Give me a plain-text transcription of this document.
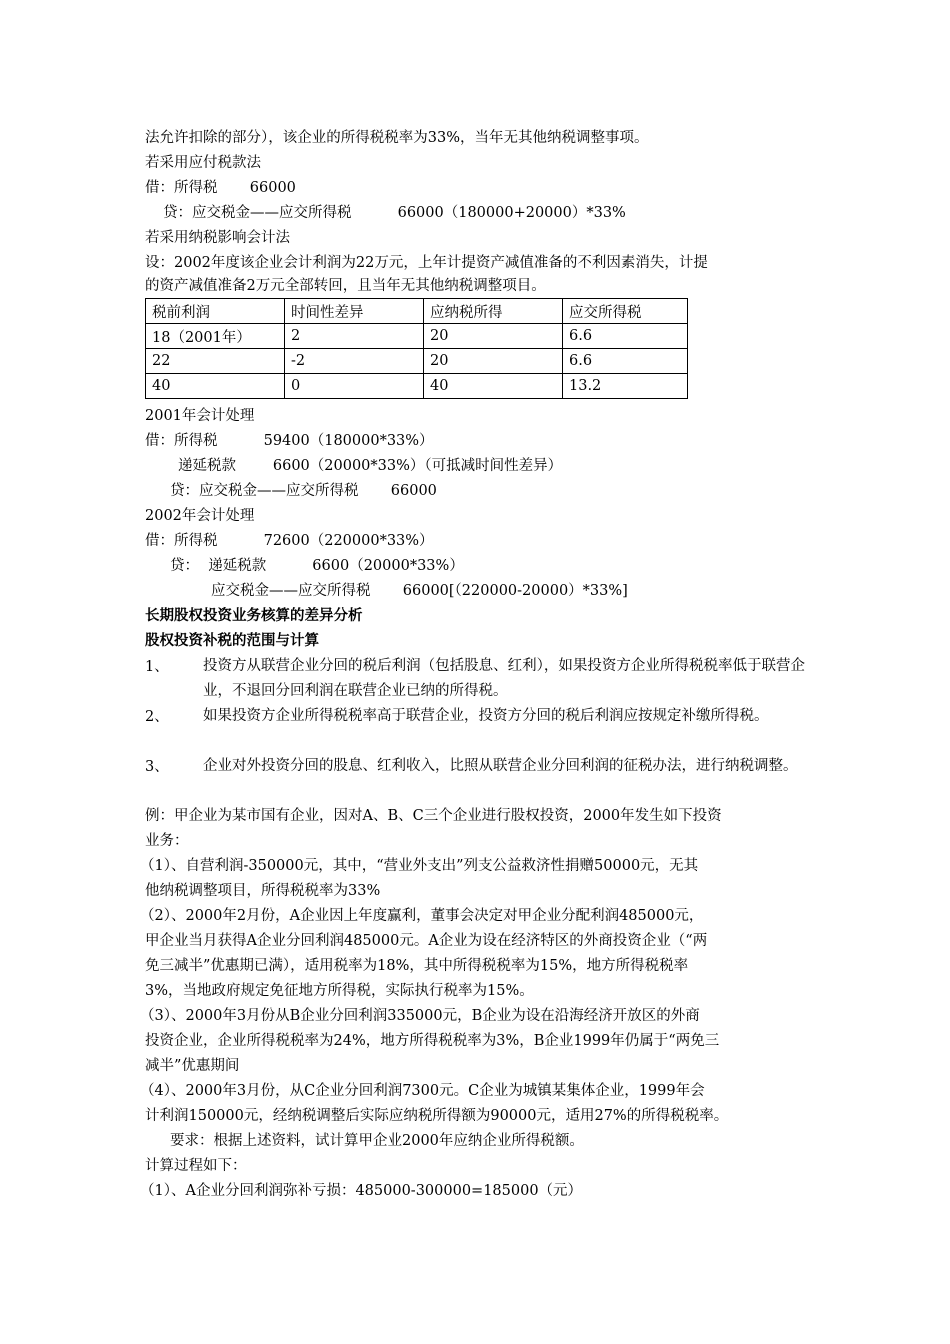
法允许扣除的部分），该企业的所得税税率为33%，当年无其他纳税调整事项。
若采用应付税款法
借：所得税       66000
贷：应交税金——应交所得税          66000（180000+20000）*33%
若采用纳税影响会计法
设：2002年度该企业会计利润为22万元，上年计提资产减值准备的不利因素消失，计提
的资产减值准备2万元全部转回，且当年无其他纳税调整项目。
税前利润	时间性差异	应纳税所得	应交所得税
18（2001年）	2	20	6.6
22	-2	20	6.6
40	0	40	13.2
2001年会计处理
借：所得税          59400（180000*33%）
递延税款        6600（20000*33%）（可抵减时间性差异）
贷：应交税金——应交所得税       66000
2002年会计处理
借：所得税          72600（220000*33%）
贷：  递延税款          6600（20000*33%）
应交税金——应交所得税       66000[（220000-20000）*33%]
长期股权投资业务核算的差异分析
股权投资补税的范围与计算
1、 投资方从联营企业分回的税后利润（包括股息、红利），如果投资方企业所得税税率低于联营企业，不退回分回利润在联营企业已纳的所得税。
2、 如果投资方企业所得税税率高于联营企业，投资方分回的税后利润应按规定补缴所得税。
3、 企业对外投资分回的股息、红利收入，比照从联营企业分回利润的征税办法，进行纳税调整。
例：甲企业为某市国有企业，因对A、B、C三个企业进行股权投资，2000年发生如下投资
业务：
（1）、自营利润-350000元，其中，“营业外支出”列支公益救济性捐赠50000元，无其
他纳税调整项目，所得税税率为33%
（2）、2000年2月份，A企业因上年度赢利，董事会决定对甲企业分配利润485000元，
甲企业当月获得A企业分回利润485000元。A企业为设在经济特区的外商投资企业（“两
免三减半”优惠期已满），适用税率为18%，其中所得税税率为15%，地方所得税税率
3%，当地政府规定免征地方所得税，实际执行税率为15%。
（3）、2000年3月份从B企业分回利润335000元，B企业为设在沿海经济开放区的外商
投资企业，企业所得税税率为24%，地方所得税税率为3%，B企业1999年仍属于“两免三
减半”优惠期间
（4）、2000年3月份，从C企业分回利润7300元。C企业为城镇某集体企业，1999年会
计利润150000元，经纳税调整后实际应纳税所得额为90000元，适用27%的所得税税率。
要求：根据上述资料，试计算甲企业2000年应纳企业所得税额。
计算过程如下：
（1）、A企业分回利润弥补亏损：485000-300000=185000（元）
